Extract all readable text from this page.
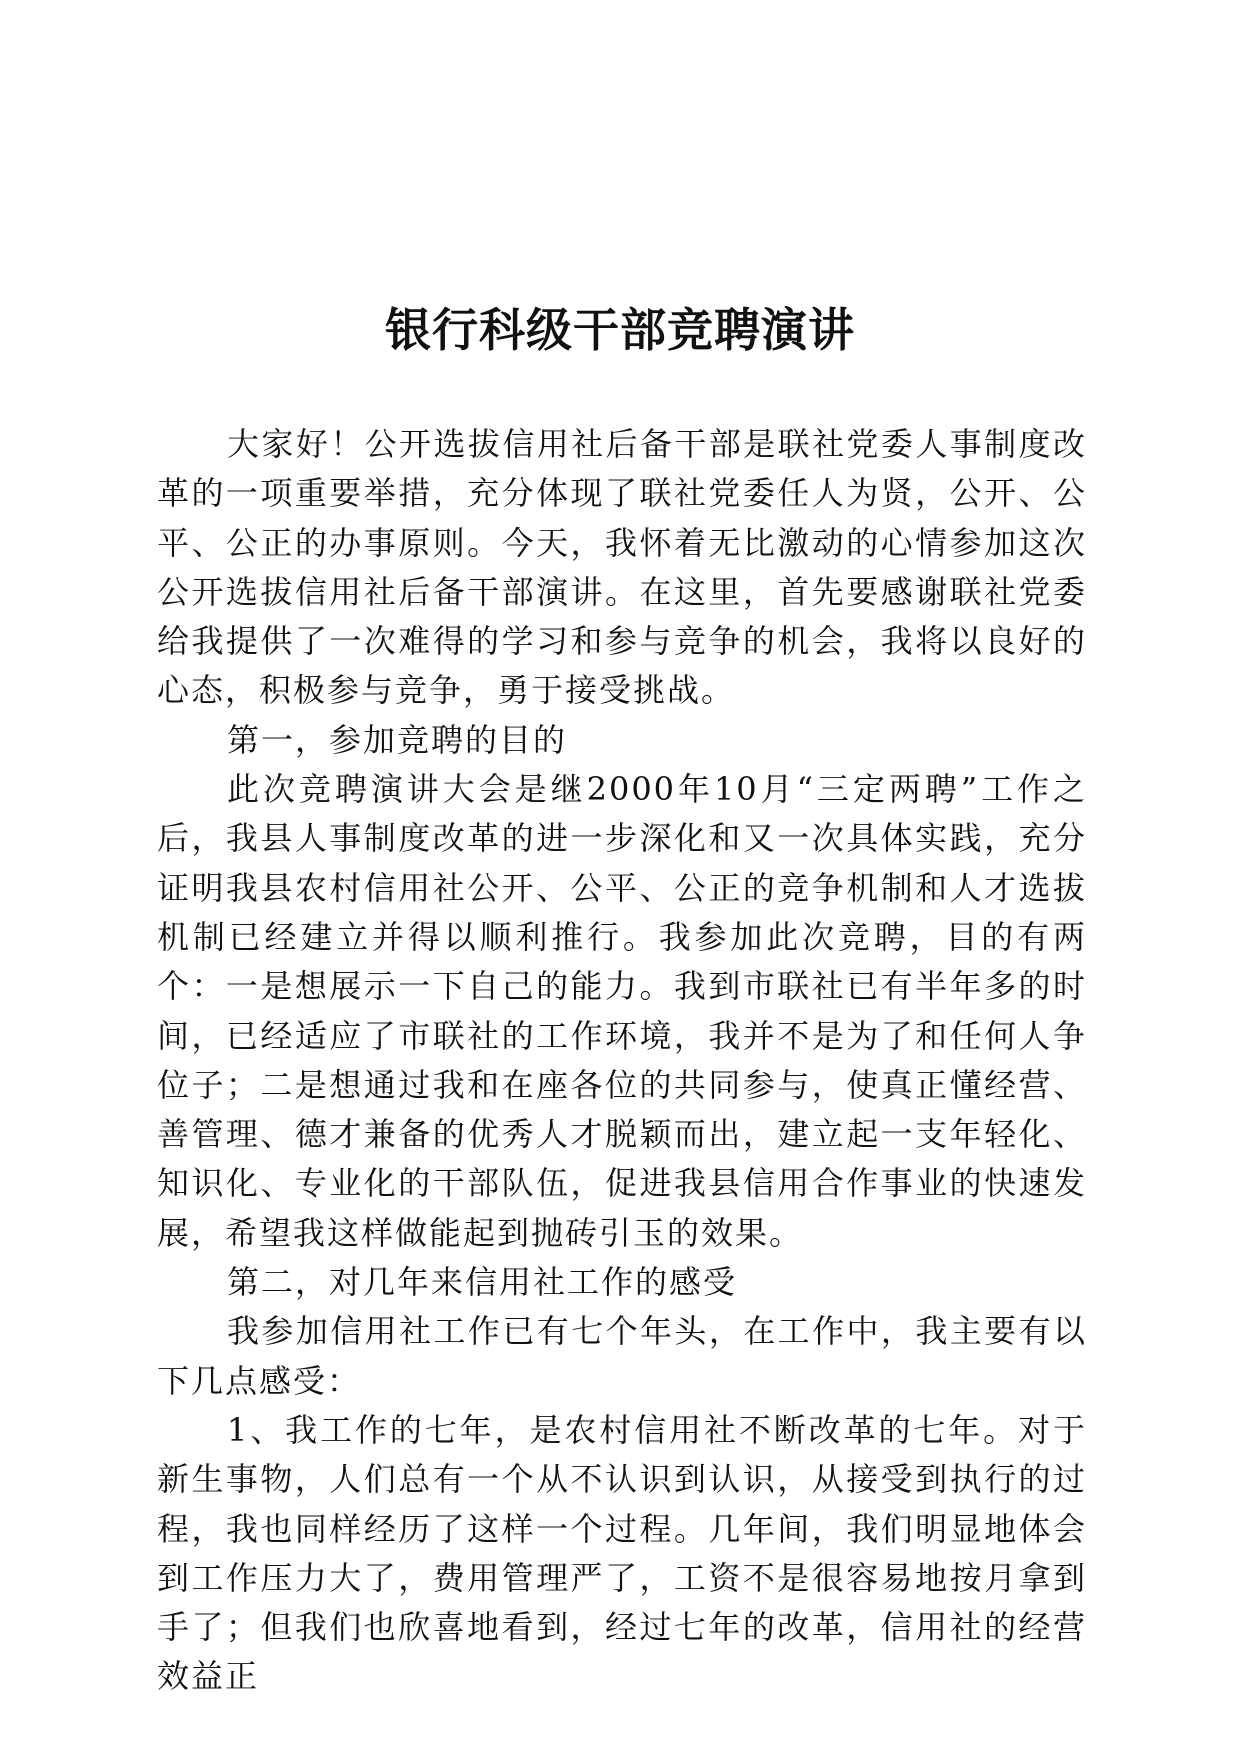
银行科级干部竞聘演讲

大家好！公开选拔信用社后备干部是联社党委人事制度改革的一项重要举措，充分体现了联社党委任人为贤，公开、公平、公正的办事原则。今天，我怀着无比激动的心情参加这次公开选拔信用社后备干部演讲。在这里，首先要感谢联社党委给我提供了一次难得的学习和参与竞争的机会，我将以良好的心态，积极参与竞争，勇于接受挑战。

第一，参加竞聘的目的

此次竞聘演讲大会是继2000年10月“三定两聘”工作之后，我县人事制度改革的进一步深化和又一次具体实践，充分证明我县农村信用社公开、公平、公正的竞争机制和人才选拔机制已经建立并得以顺利推行。我参加此次竞聘，目的有两个：一是想展示一下自己的能力。我到市联社已有半年多的时间，已经适应了市联社的工作环境，我并不是为了和任何人争位子；二是想通过我和在座各位的共同参与，使真正懂经营、善管理、德才兼备的优秀人才脱颖而出，建立起一支年轻化、知识化、专业化的干部队伍，促进我县信用合作事业的快速发展，希望我这样做能起到抛砖引玉的效果。

第二，对几年来信用社工作的感受

我参加信用社工作已有七个年头，在工作中，我主要有以下几点感受：

1、我工作的七年，是农村信用社不断改革的七年。对于新生事物，人们总有一个从不认识到认识，从接受到执行的过程，我也同样经历了这样一个过程。几年间，我们明显地体会到工作压力大了，费用管理严了，工资不是很容易地按月拿到手了；但我们也欣喜地看到，经过七年的改革，信用社的经营效益正
